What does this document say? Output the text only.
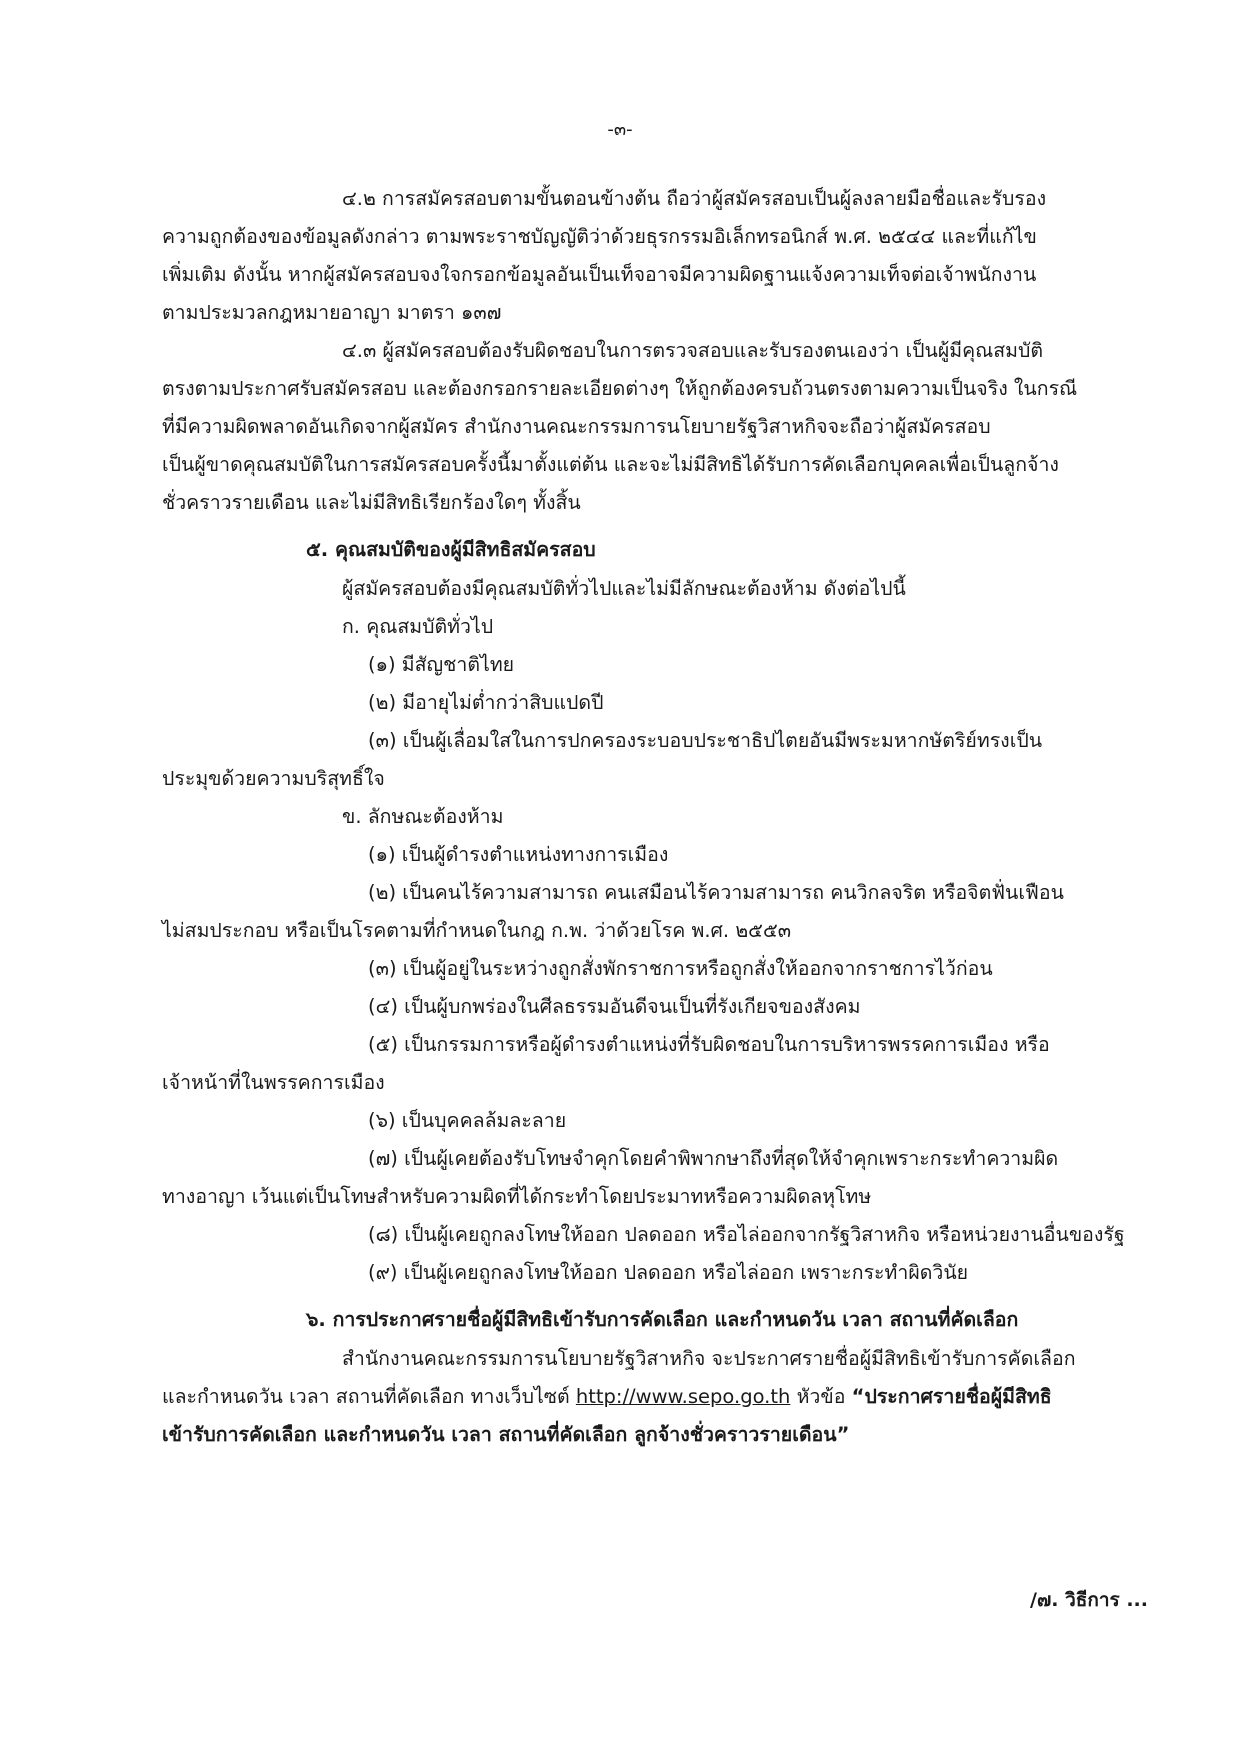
-๓-
๔.๒ การสมัครสอบตามขั้นตอนข้างต้น ถือว่าผู้สมัครสอบเป็นผู้ลงลายมือชื่อและรับรอง
ความถูกต้องของข้อมูลดังกล่าว ตามพระราชบัญญัติว่าด้วยธุรกรรมอิเล็กทรอนิกส์ พ.ศ. ๒๕๔๔ และที่แก้ไข
เพิ่มเติม ดังนั้น หากผู้สมัครสอบจงใจกรอกข้อมูลอันเป็นเท็จอาจมีความผิดฐานแจ้งความเท็จต่อเจ้าพนักงาน
ตามประมวลกฎหมายอาญา มาตรา ๑๓๗
๔.๓ ผู้สมัครสอบต้องรับผิดชอบในการตรวจสอบและรับรองตนเองว่า เป็นผู้มีคุณสมบัติ
ตรงตามประกาศรับสมัครสอบ และต้องกรอกรายละเอียดต่างๆ ให้ถูกต้องครบถ้วนตรงตามความเป็นจริง ในกรณี
ที่มีความผิดพลาดอันเกิดจากผู้สมัคร สำนักงานคณะกรรมการนโยบายรัฐวิสาหกิจจะถือว่าผู้สมัครสอบ
เป็นผู้ขาดคุณสมบัติในการสมัครสอบครั้งนี้มาตั้งแต่ต้น และจะไม่มีสิทธิได้รับการคัดเลือกบุคคลเพื่อเป็นลูกจ้าง
ชั่วคราวรายเดือน และไม่มีสิทธิเรียกร้องใดๆ ทั้งสิ้น
๕. คุณสมบัติของผู้มีสิทธิสมัครสอบ
ผู้สมัครสอบต้องมีคุณสมบัติทั่วไปและไม่มีลักษณะต้องห้าม ดังต่อไปนี้
ก. คุณสมบัติทั่วไป
(๑) มีสัญชาติไทย
(๒) มีอายุไม่ต่ำกว่าสิบแปดปี
(๓) เป็นผู้เลื่อมใสในการปกครองระบอบประชาธิปไตยอันมีพระมหากษัตริย์ทรงเป็น
ประมุขด้วยความบริสุทธิ์ใจ
ข. ลักษณะต้องห้าม
(๑) เป็นผู้ดำรงตำแหน่งทางการเมือง
(๒) เป็นคนไร้ความสามารถ คนเสมือนไร้ความสามารถ คนวิกลจริต หรือจิตฟั่นเฟือน
ไม่สมประกอบ หรือเป็นโรคตามที่กำหนดในกฎ ก.พ. ว่าด้วยโรค พ.ศ. ๒๕๕๓
(๓) เป็นผู้อยู่ในระหว่างถูกสั่งพักราชการหรือถูกสั่งให้ออกจากราชการไว้ก่อน
(๔) เป็นผู้บกพร่องในศีลธรรมอันดีจนเป็นที่รังเกียจของสังคม
(๕) เป็นกรรมการหรือผู้ดำรงตำแหน่งที่รับผิดชอบในการบริหารพรรคการเมือง หรือ
เจ้าหน้าที่ในพรรคการเมือง
(๖) เป็นบุคคลล้มละลาย
(๗) เป็นผู้เคยต้องรับโทษจำคุกโดยคำพิพากษาถึงที่สุดให้จำคุกเพราะกระทำความผิด
ทางอาญา เว้นแต่เป็นโทษสำหรับความผิดที่ได้กระทำโดยประมาทหรือความผิดลหุโทษ
(๘) เป็นผู้เคยถูกลงโทษให้ออก ปลดออก หรือไล่ออกจากรัฐวิสาหกิจ หรือหน่วยงานอื่นของรัฐ
(๙) เป็นผู้เคยถูกลงโทษให้ออก ปลดออก หรือไล่ออก เพราะกระทำผิดวินัย
๖. การประกาศรายชื่อผู้มีสิทธิเข้ารับการคัดเลือก และกำหนดวัน เวลา สถานที่คัดเลือก
สำนักงานคณะกรรมการนโยบายรัฐวิสาหกิจ จะประกาศรายชื่อผู้มีสิทธิเข้ารับการคัดเลือก
และกำหนดวัน เวลา สถานที่คัดเลือก ทางเว็บไซต์ http://www.sepo.go.th หัวข้อ “ประกาศรายชื่อผู้มีสิทธิ
เข้ารับการคัดเลือก และกำหนดวัน เวลา สถานที่คัดเลือก ลูกจ้างชั่วคราวรายเดือน”
/๗. วิธีการ ...
